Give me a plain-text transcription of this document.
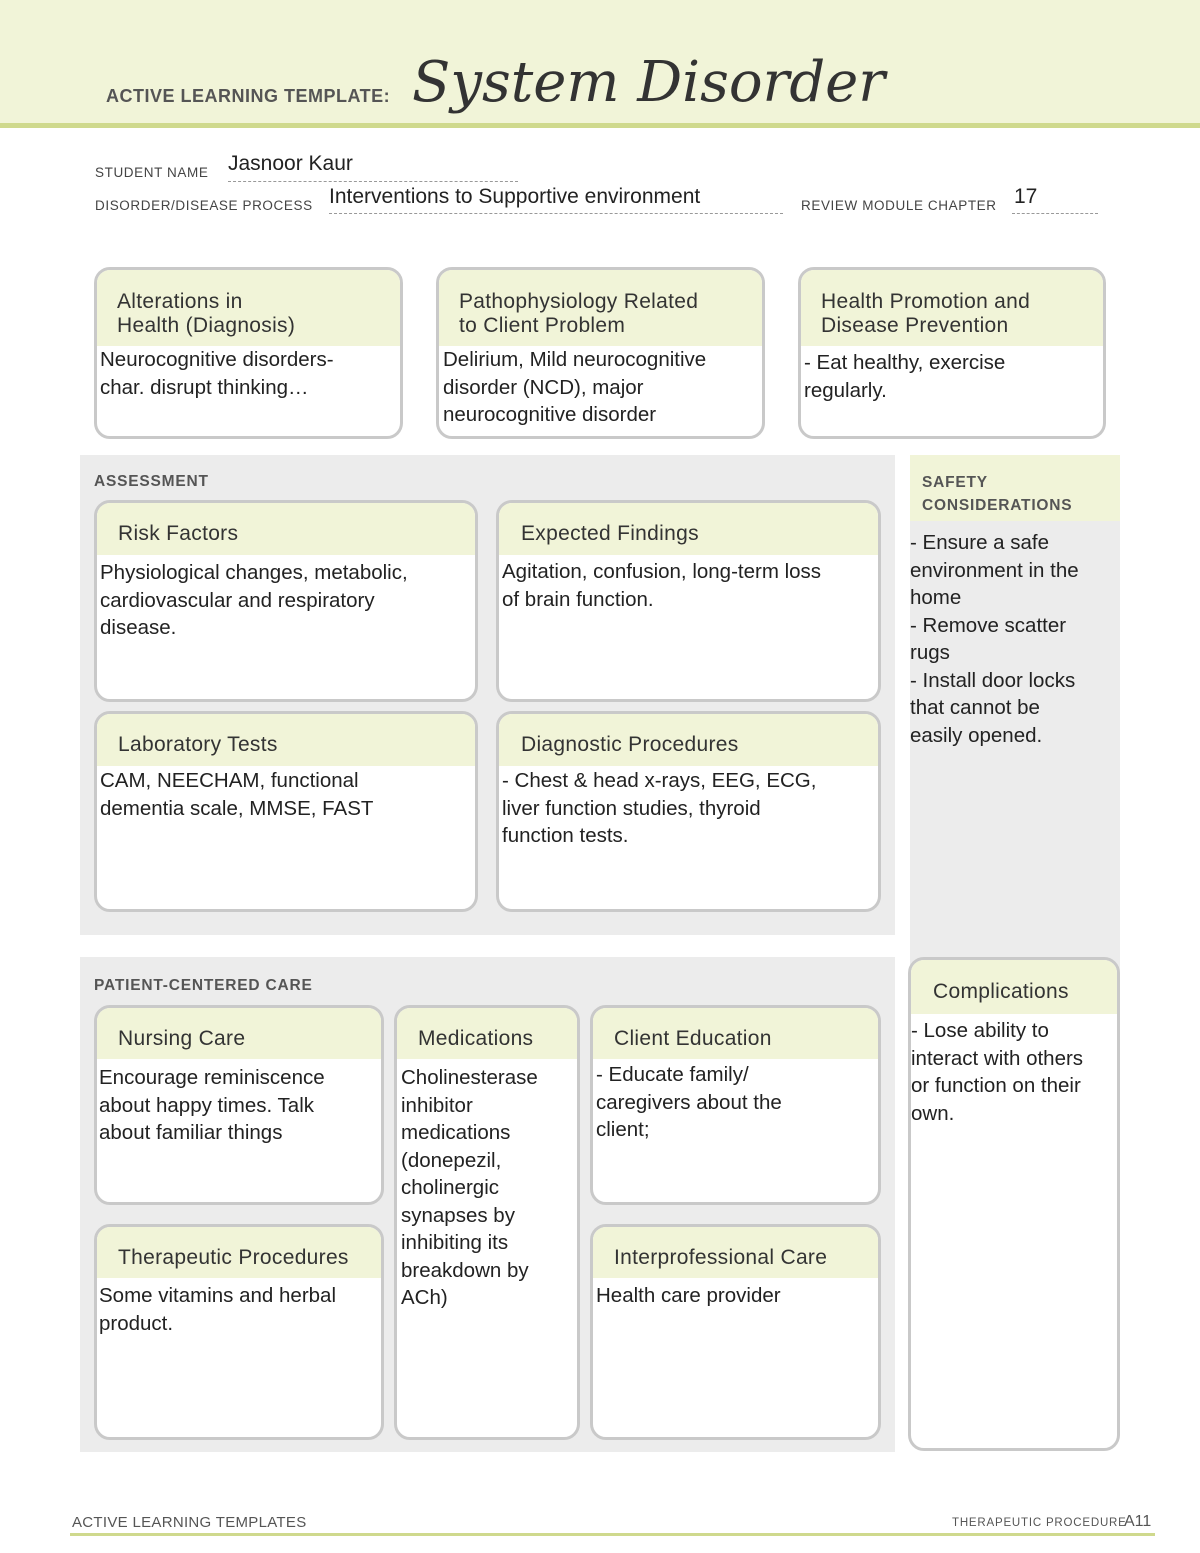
ACTIVE LEARNING TEMPLATE: System Disorder
STUDENT NAME Jasnoor Kaur
DISORDER/DISEASE PROCESS Interventions to Supportive environment	REVIEW MODULE CHAPTER 17
Alterations in
Health (Diagnosis)
Neurocognitive disorders-
char. disrupt thinking…
Pathophysiology Related
to Client Problem
Delirium, Mild neurocognitive
disorder (NCD), major
neurocognitive disorder
Health Promotion and
Disease Prevention
- Eat healthy, exercise
regularly.
ASSESSMENT
Risk Factors
Physiological changes, metabolic,
cardiovascular and respiratory
disease.
Expected Findings
Agitation, confusion, long-term loss
of brain function.
Laboratory Tests
CAM, NEECHAM, functional
dementia scale, MMSE, FAST
Diagnostic Procedures
- Chest & head x-rays, EEG, ECG,
liver function studies, thyroid
function tests.
SAFETY
CONSIDERATIONS
- Ensure a safe
environment in the
home
- Remove scatter
rugs
- Install door locks
that cannot be
easily opened.
PATIENT-CENTERED CARE
Nursing Care
Encourage reminiscence
about happy times. Talk
about familiar things
Medications
Cholinesterase
inhibitor
medications
(donepezil,
cholinergic
synapses by
inhibiting its
breakdown by
ACh)
Client Education
- Educate family/
caregivers about the
client;
Therapeutic Procedures
Some vitamins and herbal
product.
Interprofessional Care
Health care provider
Complications
- Lose ability to
interact with others
or function on their
own.
ACTIVE LEARNING TEMPLATES	THERAPEUTIC PROCEDURE
A11
